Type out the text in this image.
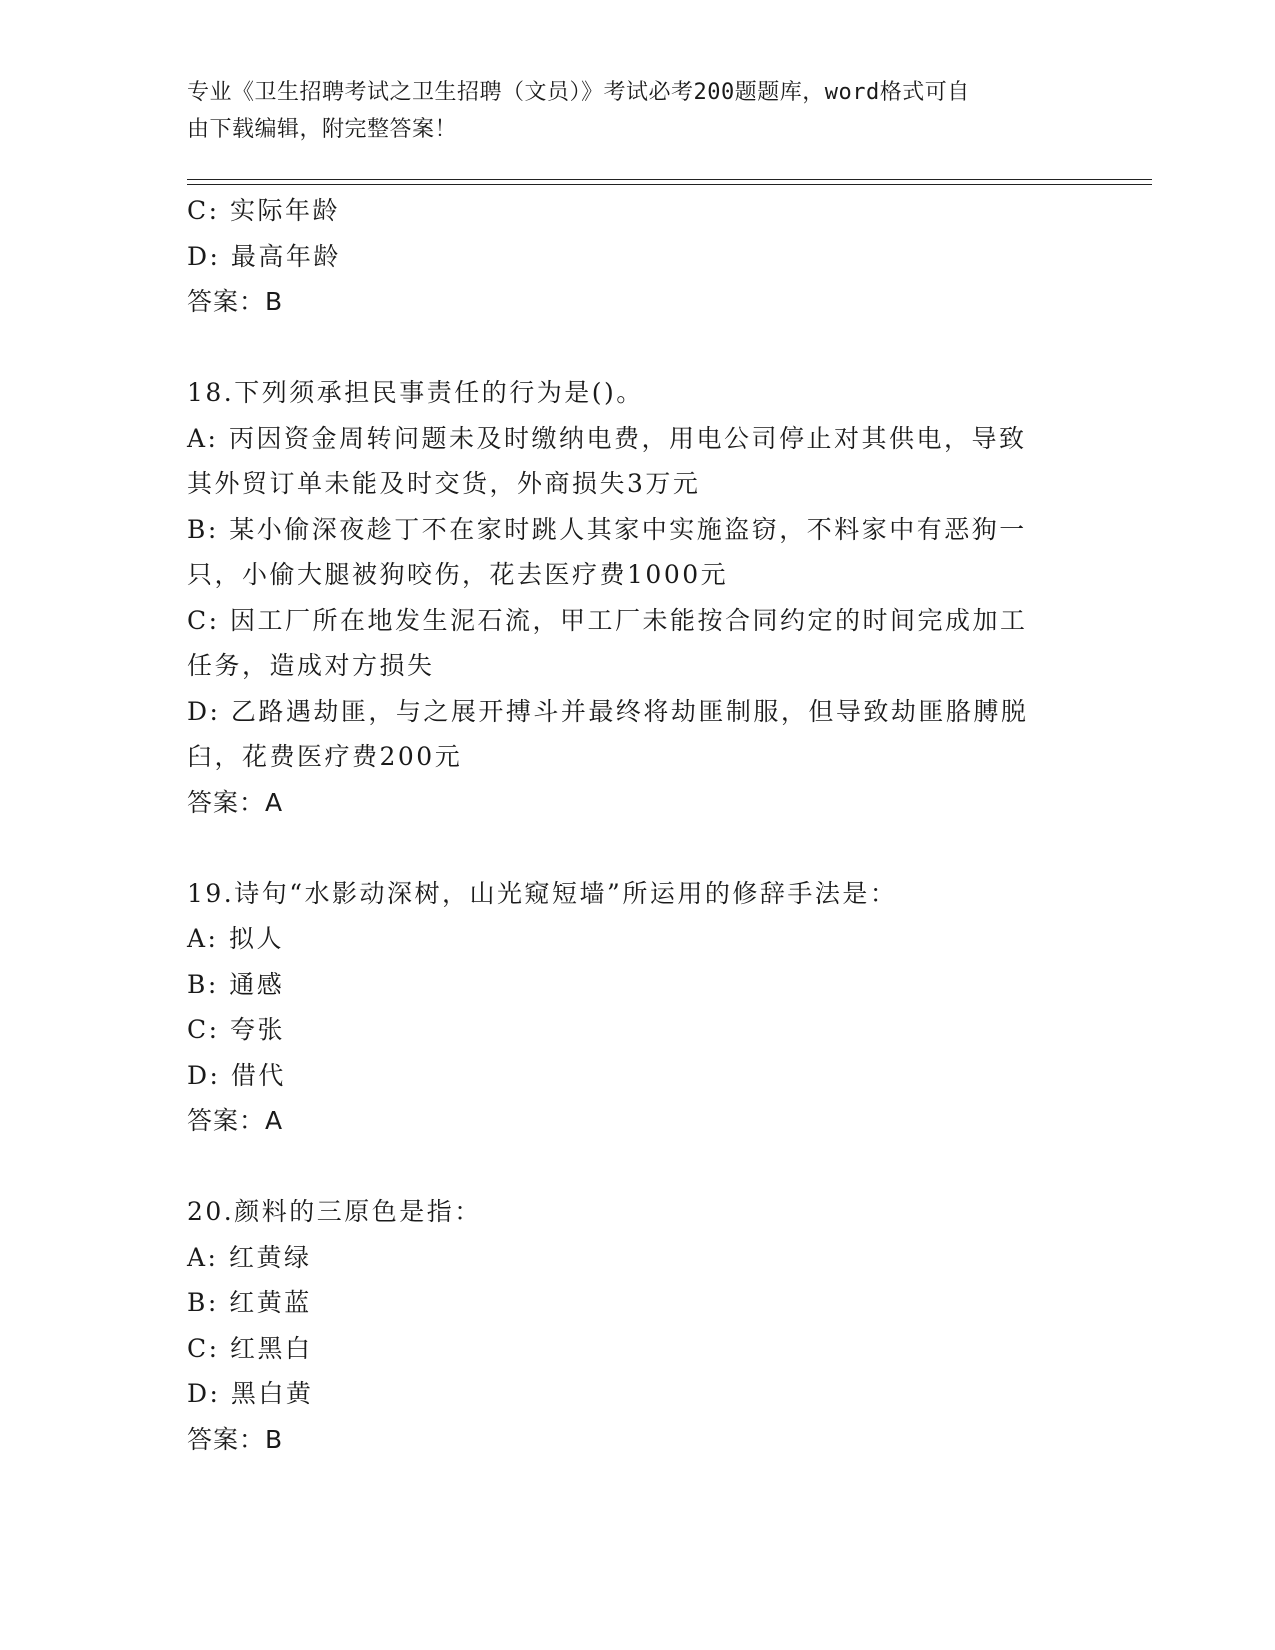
专业《卫生招聘考试之卫生招聘（文员）》考试必考200题题库，word格式可自
由下载编辑，附完整答案！
C: 实际年龄
D: 最高年龄
答案：B
18.下列须承担民事责任的行为是()。
A: 丙因资金周转问题未及时缴纳电费，用电公司停止对其供电，导致
其外贸订单未能及时交货，外商损失3万元
B: 某小偷深夜趁丁不在家时跳人其家中实施盗窃，不料家中有恶狗一
只，小偷大腿被狗咬伤，花去医疗费1000元
C: 因工厂所在地发生泥石流，甲工厂未能按合同约定的时间完成加工
任务，造成对方损失
D: 乙路遇劫匪，与之展开搏斗并最终将劫匪制服，但导致劫匪胳膊脱
臼，花费医疗费200元
答案：A
19.诗句“水影动深树，山光窥短墙”所运用的修辞手法是：
A: 拟人
B: 通感
C: 夸张
D: 借代
答案：A
20.颜料的三原色是指：
A: 红黄绿
B: 红黄蓝
C: 红黑白
D: 黑白黄
答案：B
